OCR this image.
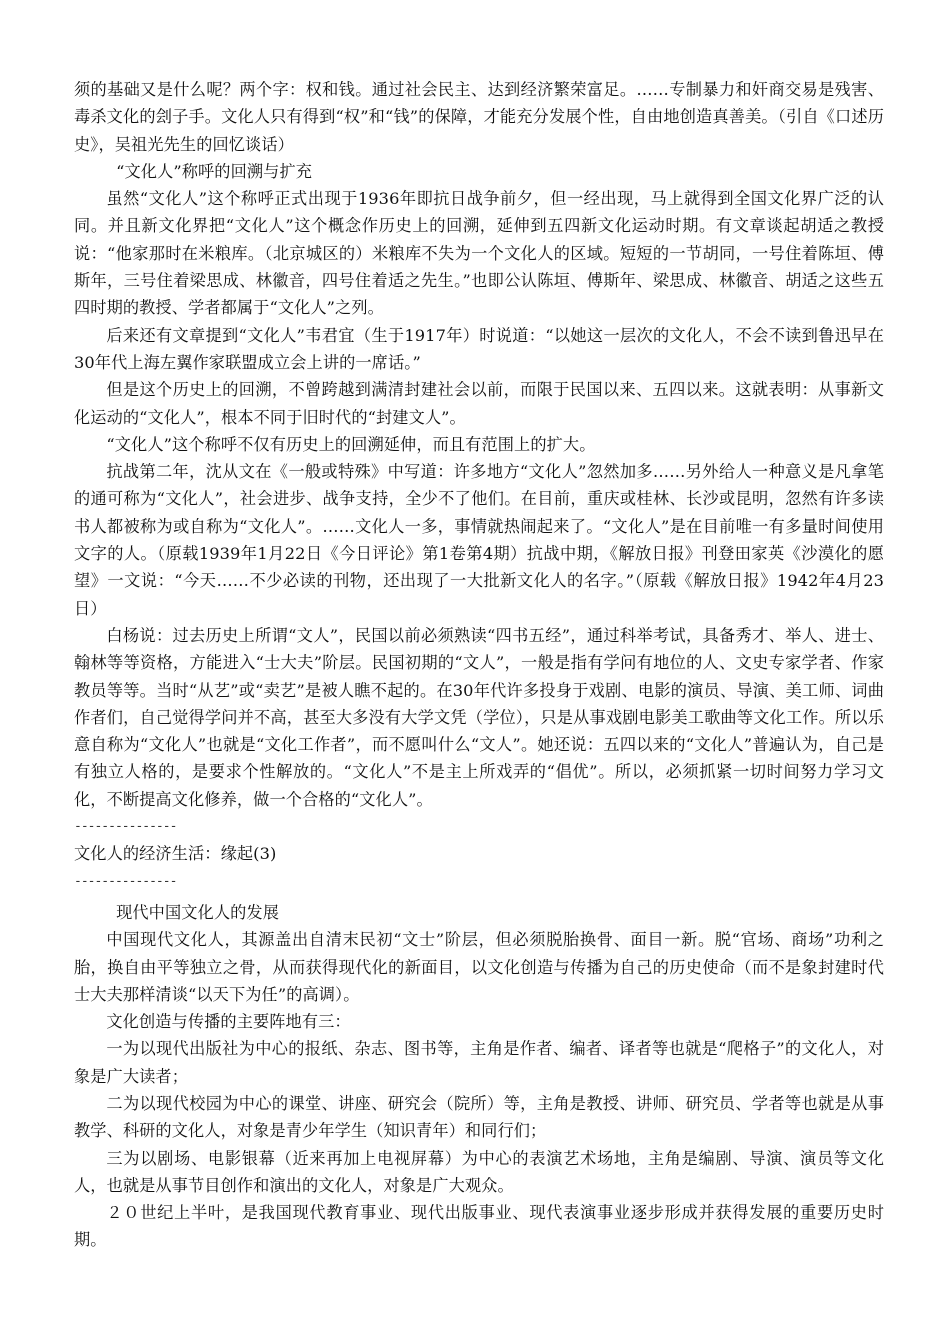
须的基础又是什么呢？两个字：权和钱。通过社会民主、达到经济繁荣富足。……专制暴力和奸商交易是残害、毒杀文化的刽子手。文化人只有得到“权”和“钱”的保障，才能充分发展个性，自由地创造真善美。（引自《口述历史》，吴祖光先生的回忆谈话）

“文化人”称呼的回溯与扩充

虽然“文化人”这个称呼正式出现于1936年即抗日战争前夕，但一经出现，马上就得到全国文化界广泛的认同。并且新文化界把“文化人”这个概念作历史上的回溯，延伸到五四新文化运动时期。有文章谈起胡适之教授说：“他家那时在米粮库。（北京城区的）米粮库不失为一个文化人的区域。短短的一节胡同，一号住着陈垣、傅斯年，三号住着梁思成、林徽音，四号住着适之先生。”也即公认陈垣、傅斯年、梁思成、林徽音、胡适之这些五四时期的教授、学者都属于“文化人”之列。

后来还有文章提到“文化人”韦君宜（生于1917年）时说道：“以她这一层次的文化人，不会不读到鲁迅早在30年代上海左翼作家联盟成立会上讲的一席话。”

但是这个历史上的回溯，不曾跨越到满清封建社会以前，而限于民国以来、五四以来。这就表明：从事新文化运动的“文化人”，根本不同于旧时代的“封建文人”。

“文化人”这个称呼不仅有历史上的回溯延伸，而且有范围上的扩大。

抗战第二年，沈从文在《一般或特殊》中写道：许多地方“文化人”忽然加多……另外给人一种意义是凡拿笔的通可称为“文化人”，社会进步、战争支持，全少不了他们。在目前，重庆或桂林、长沙或昆明，忽然有许多读书人都被称为或自称为“文化人”。……文化人一多，事情就热闹起来了。“文化人”是在目前唯一有多量时间使用文字的人。（原载1939年1月22日《今日评论》第1卷第4期）抗战中期，《解放日报》刊登田家英《沙漠化的愿望》一文说：“今天……不少必读的刊物，还出现了一大批新文化人的名字。”（原载《解放日报》1942年4月23日）

白杨说：过去历史上所谓“文人”，民国以前必须熟读“四书五经”，通过科举考试，具备秀才、举人、进士、翰林等等资格，方能进入“士大夫”阶层。民国初期的“文人”，一般是指有学问有地位的人、文史专家学者、作家教员等等。当时“从艺”或“卖艺”是被人瞧不起的。在30年代许多投身于戏剧、电影的演员、导演、美工师、词曲作者们，自己觉得学问并不高，甚至大多没有大学文凭（学位），只是从事戏剧电影美工歌曲等文化工作。所以乐意自称为“文化人”也就是“文化工作者”，而不愿叫什么“文人”。她还说：五四以来的“文化人”普遍认为，自己是有独立人格的，是要求个性解放的。“文化人”不是主上所戏弄的“倡优”。所以，必须抓紧一切时间努力学习文化，不断提高文化修养，做一个合格的“文化人”。

---------------

文化人的经济生活：缘起(3)

---------------

现代中国文化人的发展

中国现代文化人，其源盖出自清末民初“文士”阶层，但必须脱胎换骨、面目一新。脱“官场、商场”功利之胎，换自由平等独立之骨，从而获得现代化的新面目，以文化创造与传播为自己的历史使命（而不是象封建时代士大夫那样清谈“以天下为任”的高调）。

文化创造与传播的主要阵地有三：

一为以现代出版社为中心的报纸、杂志、图书等，主角是作者、编者、译者等也就是“爬格子”的文化人，对象是广大读者；

二为以现代校园为中心的课堂、讲座、研究会（院所）等，主角是教授、讲师、研究员、学者等也就是从事教学、科研的文化人，对象是青少年学生（知识青年）和同行们；

三为以剧场、电影银幕（近来再加上电视屏幕）为中心的表演艺术场地，主角是编剧、导演、演员等文化人，也就是从事节目创作和演出的文化人，对象是广大观众。

２０世纪上半叶，是我国现代教育事业、现代出版事业、现代表演事业逐步形成并获得发展的重要历史时期。
